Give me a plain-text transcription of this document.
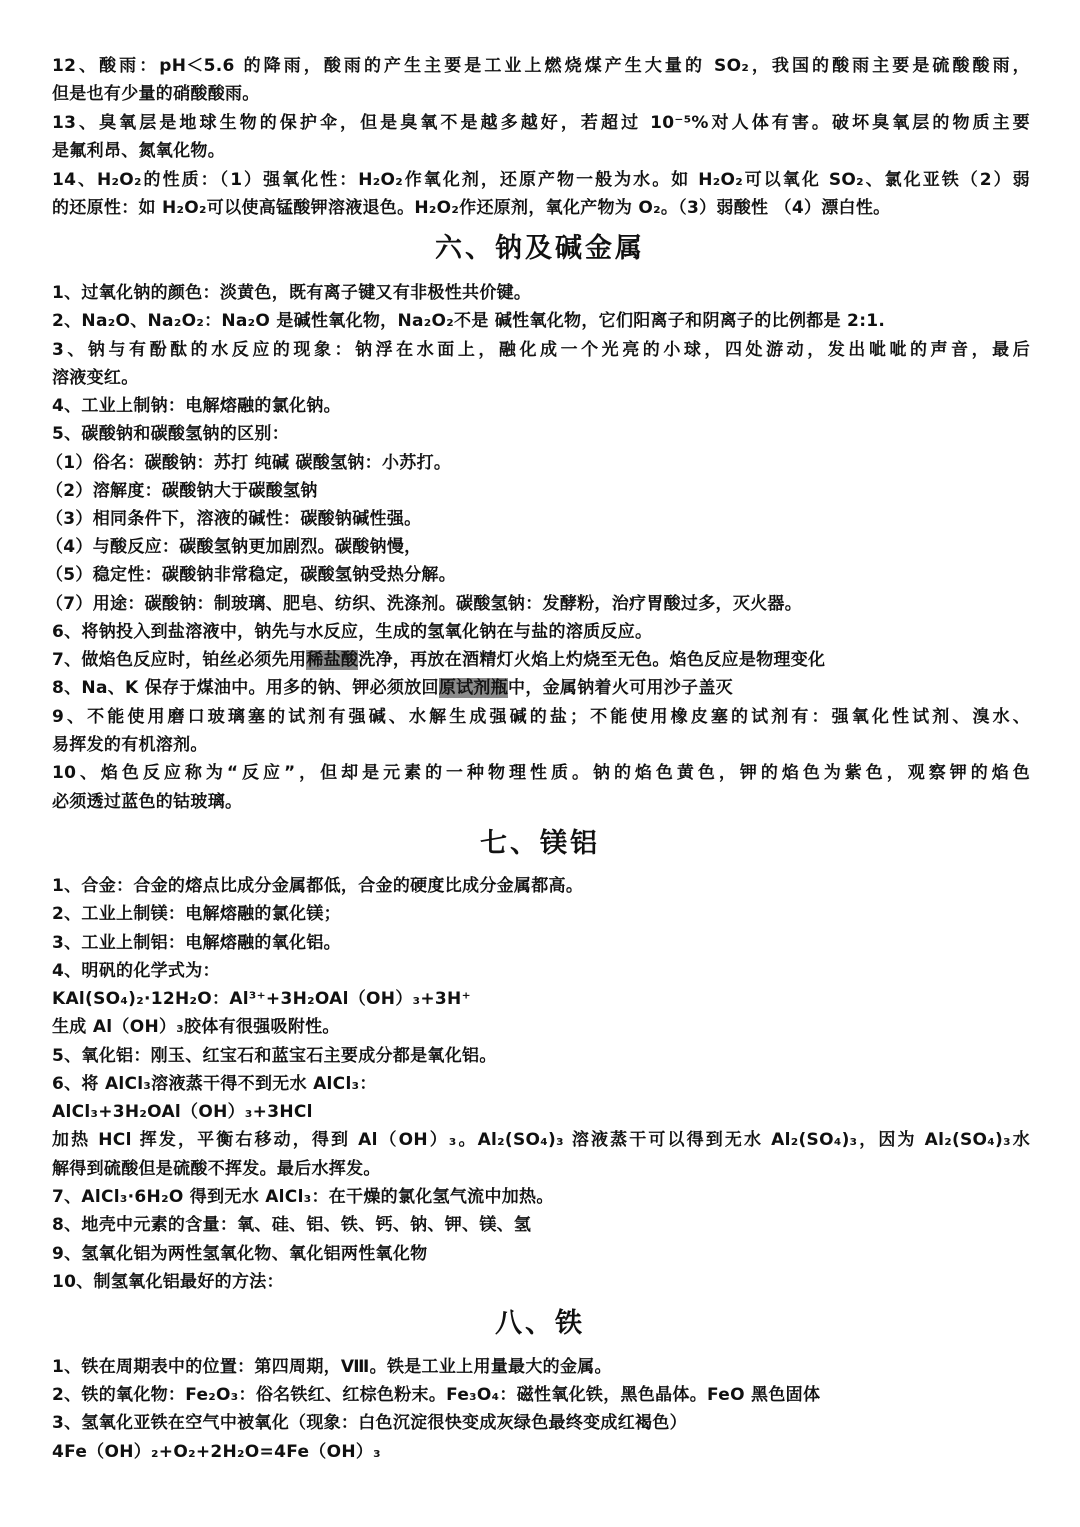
12、酸雨：pH＜5.6 的降雨，酸雨的产生主要是工业上燃烧煤产生大量的 SO₂，我国的酸雨主要是硫酸酸雨，
但是也有少量的硝酸酸雨。
13、臭氧层是地球生物的保护伞，但是臭氧不是越多越好，若超过 10⁻⁵%对人体有害。破坏臭氧层的物质主要
是氟利昂、氮氧化物。
14、H₂O₂的性质：（1）强氧化性：H₂O₂作氧化剂，还原产物一般为水。如 H₂O₂可以氧化 SO₂、氯化亚铁（2）弱
的还原性：如 H₂O₂可以使高锰酸钾溶液退色。H₂O₂作还原剂，氧化产物为 O₂。（3）弱酸性 （4）漂白性。
六、钠及碱金属
1、过氧化钠的颜色：淡黄色，既有离子键又有非极性共价键。
2、Na₂O、Na₂O₂：Na₂O 是碱性氧化物，Na₂O₂不是 碱性氧化物，它们阳离子和阴离子的比例都是 2:1.
3、钠与有酚酞的水反应的现象：钠浮在水面上，融化成一个光亮的小球，四处游动，发出呲呲的声音，最后
溶液变红。
4、工业上制钠：电解熔融的氯化钠。
5、碳酸钠和碳酸氢钠的区别：
（1）俗名：碳酸钠：苏打 纯碱 碳酸氢钠：小苏打。
（2）溶解度：碳酸钠大于碳酸氢钠
（3）相同条件下，溶液的碱性：碳酸钠碱性强。
（4）与酸反应：碳酸氢钠更加剧烈。碳酸钠慢，
（5）稳定性：碳酸钠非常稳定，碳酸氢钠受热分解。
（7）用途：碳酸钠：制玻璃、肥皂、纺织、洗涤剂。碳酸氢钠：发酵粉，治疗胃酸过多，灭火器。
6、将钠投入到盐溶液中，钠先与水反应，生成的氢氧化钠在与盐的溶质反应。
7、做焰色反应时，铂丝必须先用稀盐酸洗净，再放在酒精灯火焰上灼烧至无色。焰色反应是物理变化
8、Na、K 保存于煤油中。用多的钠、钾必须放回原试剂瓶中，金属钠着火可用沙子盖灭
9、不能使用磨口玻璃塞的试剂有强碱、水解生成强碱的盐；不能使用橡皮塞的试剂有：强氧化性试剂、溴水、
易挥发的有机溶剂。
10、焰色反应称为“反应”，但却是元素的一种物理性质。钠的焰色黄色，钾的焰色为紫色，观察钾的焰色
必须透过蓝色的钴玻璃。
七、镁铝
1、合金：合金的熔点比成分金属都低，合金的硬度比成分金属都高。
2、工业上制镁：电解熔融的氯化镁；
3、工业上制铝：电解熔融的氧化铝。
4、明矾的化学式为：
KAl(SO₄)₂·12H₂O：Al³⁺+3H₂OAl（OH）₃+3H⁺
生成 Al（OH）₃胶体有很强吸附性。
5、氧化铝：刚玉、红宝石和蓝宝石主要成分都是氧化铝。
6、将 AlCl₃溶液蒸干得不到无水 AlCl₃：
AlCl₃+3H₂OAl（OH）₃+3HCl
加热 HCl 挥发，平衡右移动，得到 Al（OH）₃。Al₂(SO₄)₃ 溶液蒸干可以得到无水 Al₂(SO₄)₃，因为 Al₂(SO₄)₃水
解得到硫酸但是硫酸不挥发。最后水挥发。
7、AlCl₃·6H₂O 得到无水 AlCl₃：在干燥的氯化氢气流中加热。
8、地壳中元素的含量：氧、硅、铝、铁、钙、钠、钾、镁、氢
9、氢氧化铝为两性氢氧化物、氧化铝两性氧化物
10、制氢氧化铝最好的方法：
八、铁
1、铁在周期表中的位置：第四周期，Ⅷ。铁是工业上用量最大的金属。
2、铁的氧化物：Fe₂O₃：俗名铁红、红棕色粉末。Fe₃O₄：磁性氧化铁，黑色晶体。FeO 黑色固体
3、氢氧化亚铁在空气中被氧化（现象：白色沉淀很快变成灰绿色最终变成红褐色）
4Fe（OH）₂+O₂+2H₂O=4Fe（OH）₃
